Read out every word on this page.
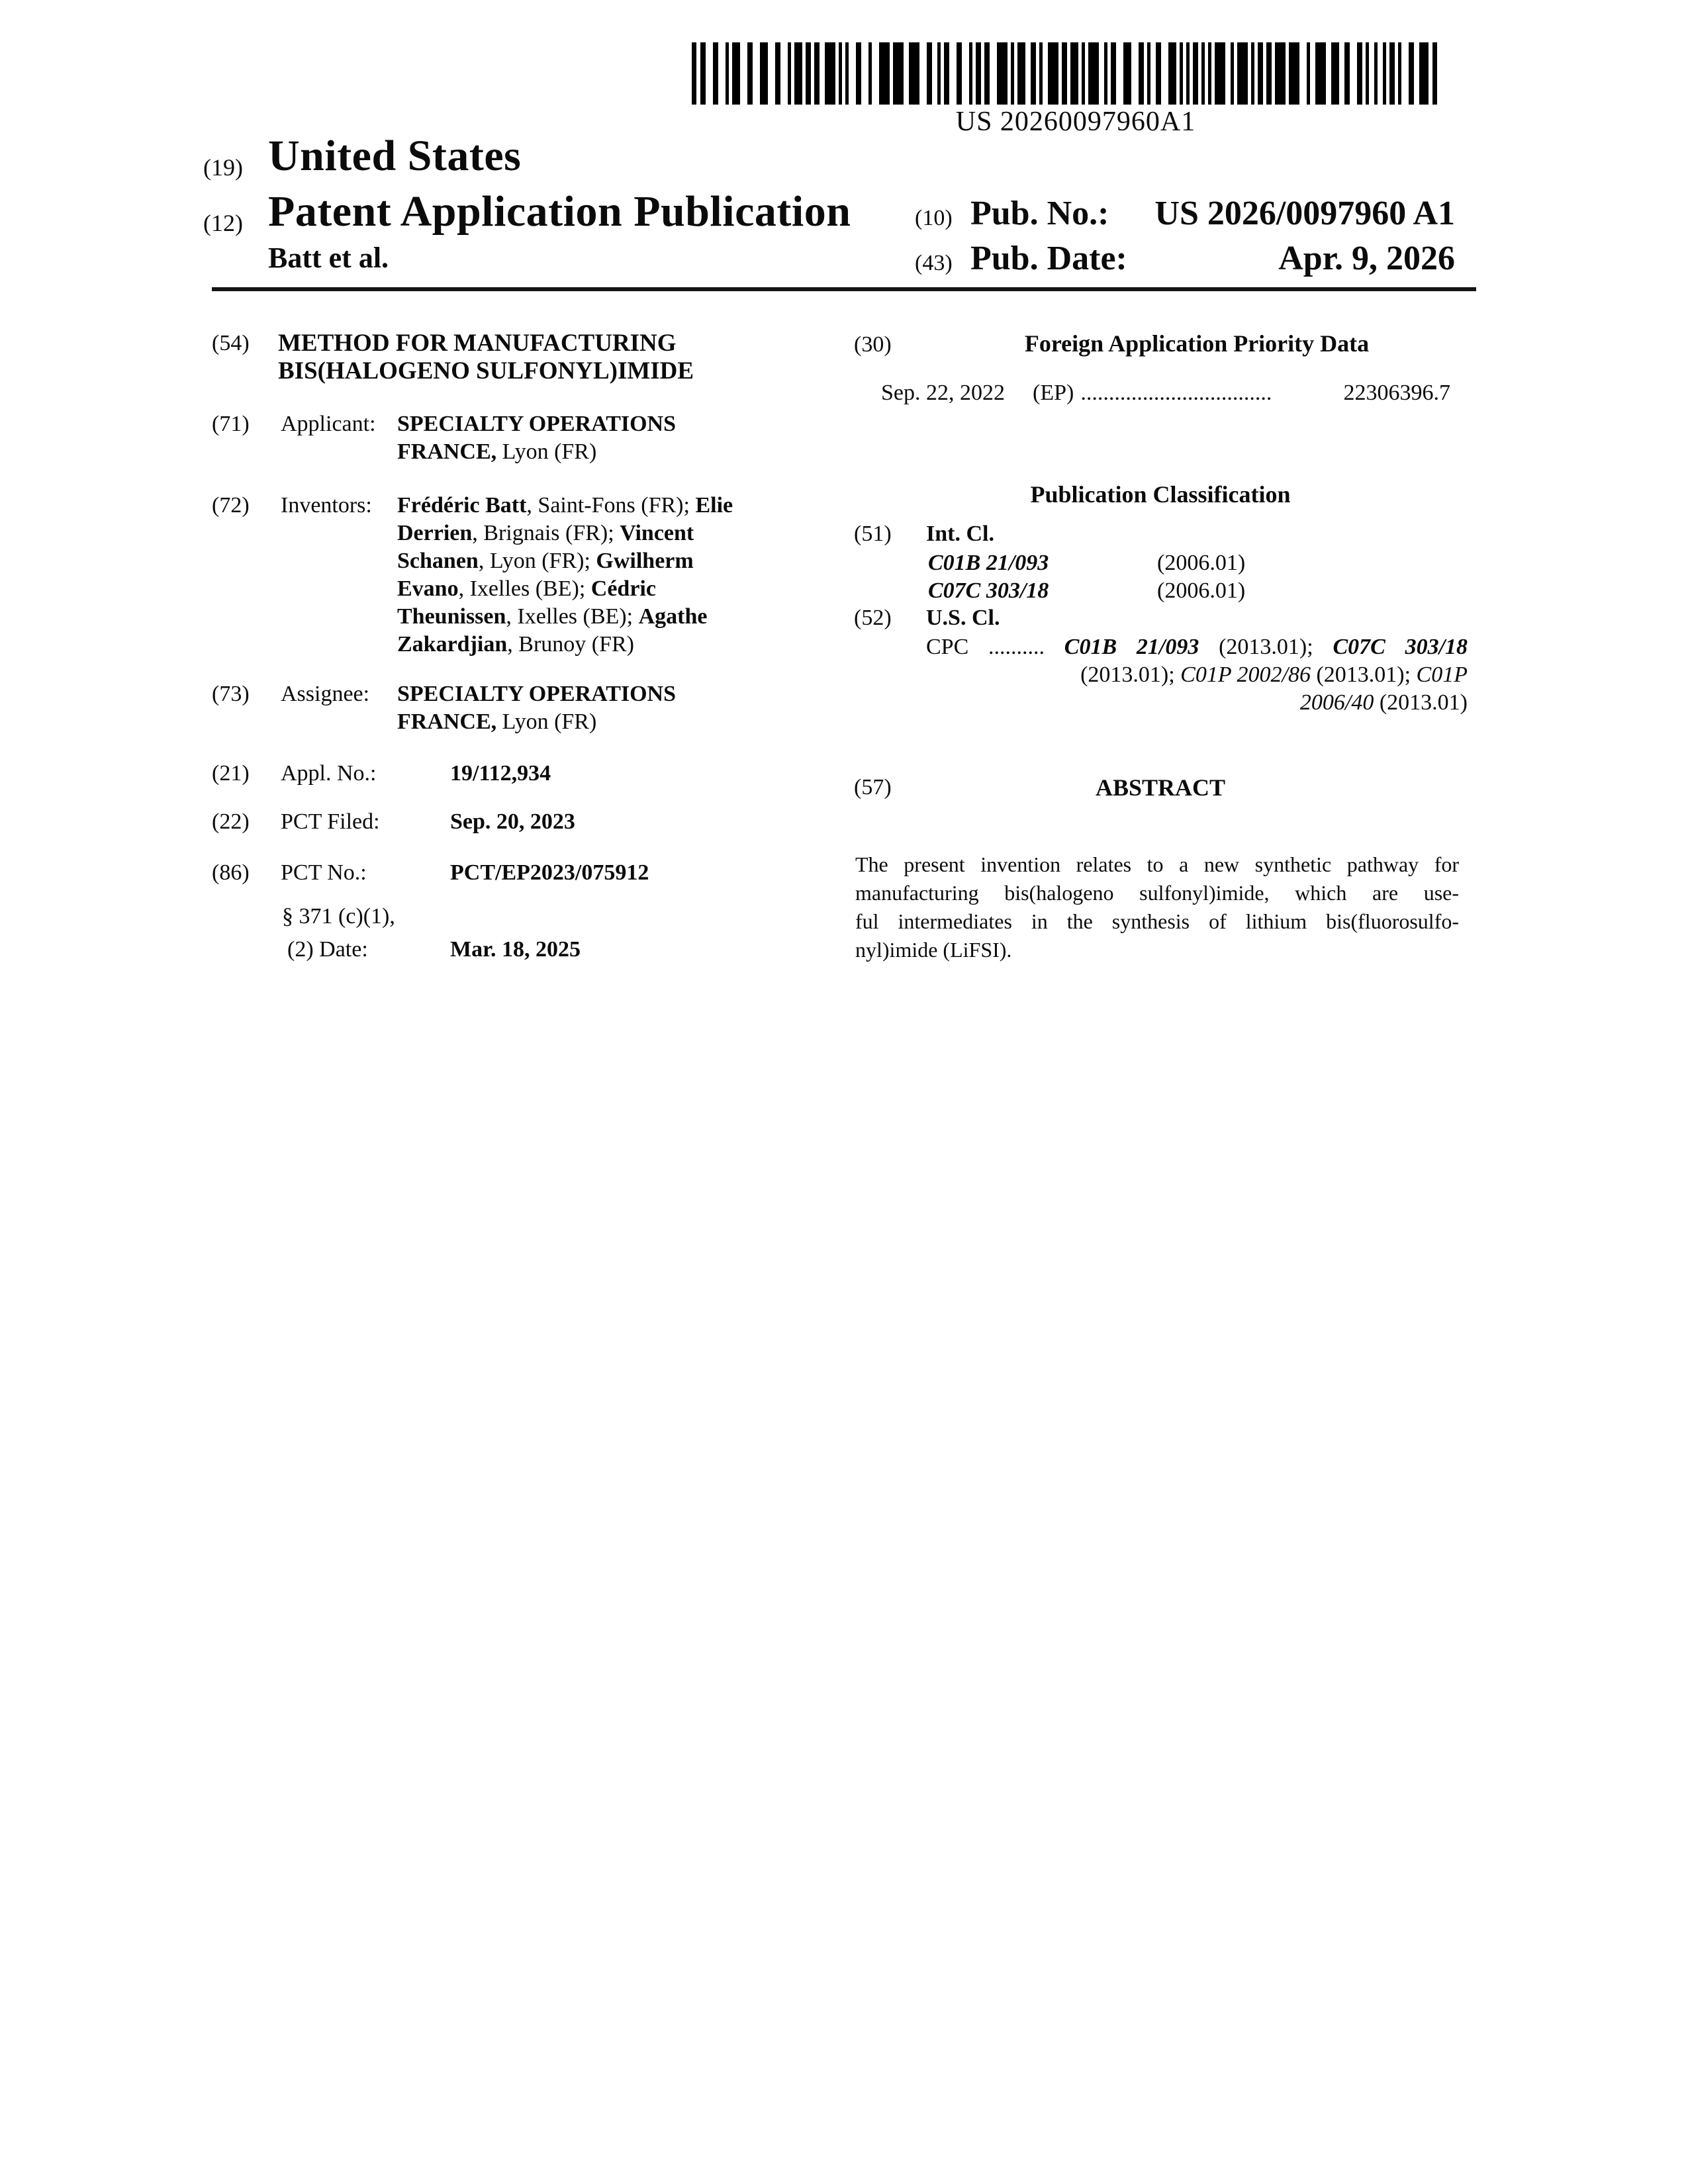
US 20260097960A1
(19) United States
(12) Patent Application Publication
Batt et al.
(10) Pub. No.: US 2026/0097960 A1
(43) Pub. Date:	Apr. 9, 2026
(54)	METHOD FOR MANUFACTURING
BIS(HALOGENO SULFONYL)IMIDE
(71)	Applicant: SPECIALTY OPERATIONS
FRANCE, Lyon (FR)
(72)	Inventors:	Frédéric Batt, Saint-Fons (FR); Elie
Derrien, Brignais (FR); Vincent
Schanen, Lyon (FR); Gwilherm
Evano, Ixelles (BE); Cédric
Theunissen, Ixelles (BE); Agathe
Zakardjian, Brunoy (FR)
(73)	Assignee:	SPECIALTY OPERATIONS
FRANCE, Lyon (FR)
(21)	Appl. No.:	19/112,934
(22)	PCT Filed:	Sep. 20, 2023
(86)	PCT No.:	PCT/EP2023/075912
§ 371 (c)(1),
(2) Date:	Mar. 18, 2025
(30)	Foreign Application Priority Data
Sep. 22, 2022 (EP) ..................................	22306396.7
Publication Classification
(51) Int. Cl.
C01B 21/093	(2006.01)
C07C 303/18	(2006.01)
(52) U.S. Cl.
CPC .......... C01B 21/093 (2013.01); C07C 303/18
(2013.01); C01P 2002/86 (2013.01); C01P
2006/40 (2013.01)
(57)	ABSTRACT
The present invention relates to a new synthetic pathway for
manufacturing bis(halogeno sulfonyl)imide, which are use-
ful intermediates in the synthesis of lithium bis(fluorosulfo-
nyl)imide (LiFSI).
